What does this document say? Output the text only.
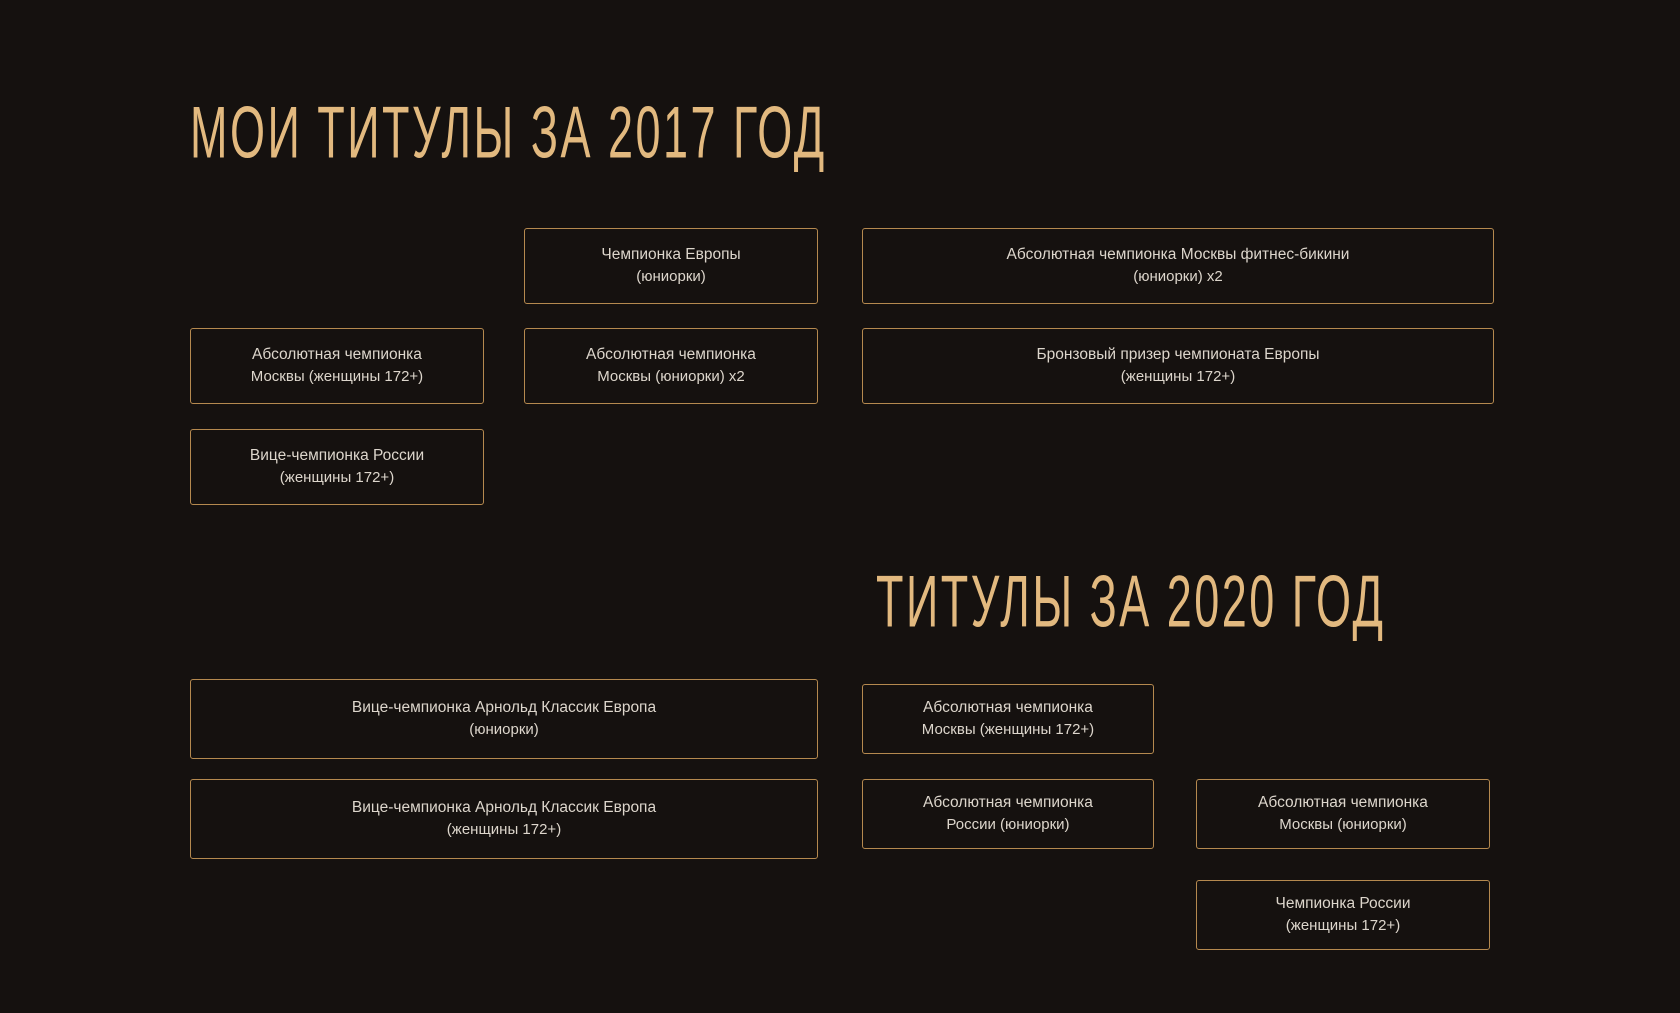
МОИ ТИТУЛЫ ЗА 2017 ГОД
Чемпионка Европы
(юниорки)
Абсолютная чемпионка Москвы фитнес-бикини
(юниорки) x2
Абсолютная чемпионка
Москвы (женщины 172+)
Абсолютная чемпионка
Москвы (юниорки) x2
Бронзовый призер чемпионата Европы
(женщины 172+)
Вице-чемпионка России
(женщины 172+)
ТИТУЛЫ ЗА 2020 ГОД
Вице-чемпионка Арнольд Классик Европа
(юниорки)
Абсолютная чемпионка
Москвы (женщины 172+)
Вице-чемпионка Арнольд Классик Европа
(женщины 172+)
Абсолютная чемпионка
России (юниорки)
Абсолютная чемпионка
Москвы (юниорки)
Чемпионка России
(женщины 172+)
